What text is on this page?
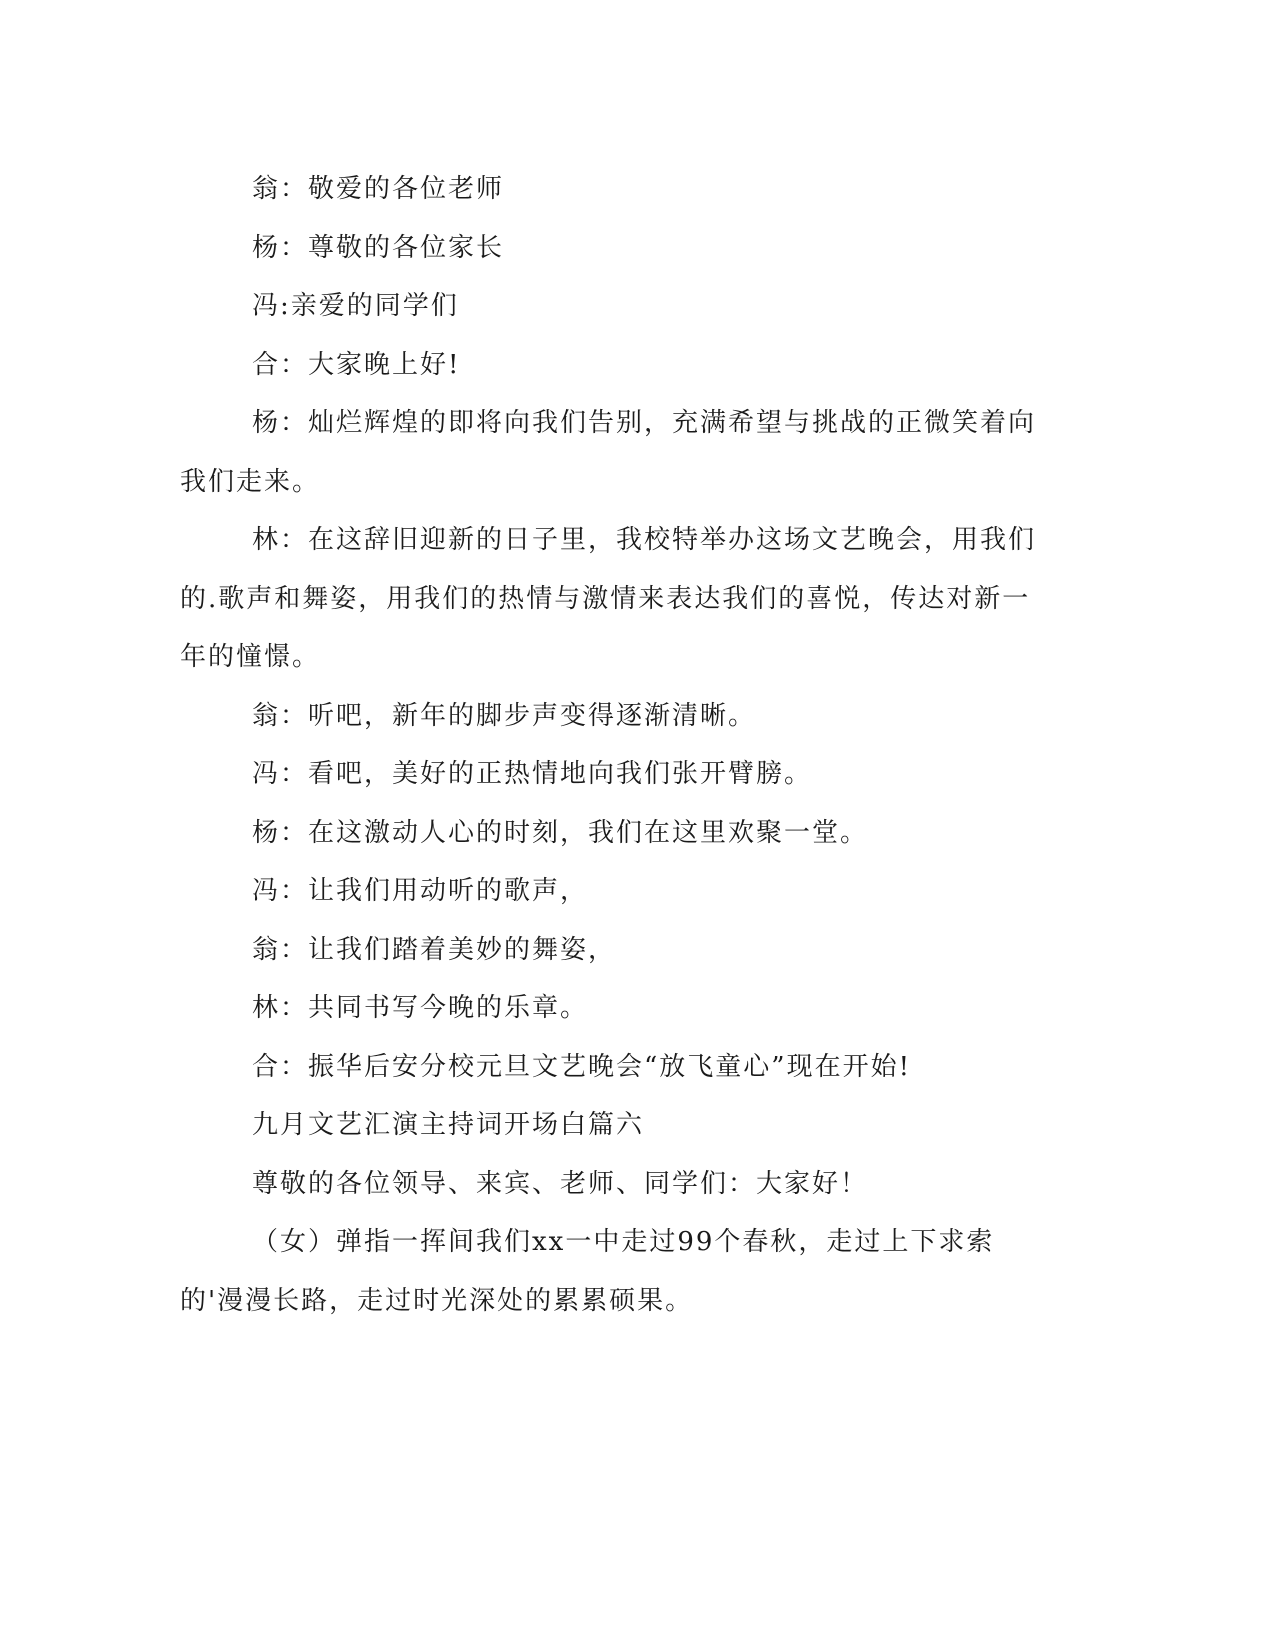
翁：敬爱的各位老师

杨：尊敬的各位家长

冯:亲爱的同学们

合：大家晚上好!

杨：灿烂辉煌的即将向我们告别，充满希望与挑战的正微笑着向我们走来。

林：在这辞旧迎新的日子里，我校特举办这场文艺晚会，用我们的.歌声和舞姿，用我们的热情与激情来表达我们的喜悦，传达对新一年的憧憬。

翁：听吧，新年的脚步声变得逐渐清晰。

冯：看吧，美好的正热情地向我们张开臂膀。

杨：在这激动人心的时刻，我们在这里欢聚一堂。

冯：让我们用动听的歌声，

翁：让我们踏着美妙的舞姿，

林：共同书写今晚的乐章。

合：振华后安分校元旦文艺晚会“放飞童心”现在开始!

九月文艺汇演主持词开场白篇六

尊敬的各位领导、来宾、老师、同学们：大家好！

（女）弹指一挥间我们xx一中走过99个春秋，走过上下求索的'漫漫长路，走过时光深处的累累硕果。
